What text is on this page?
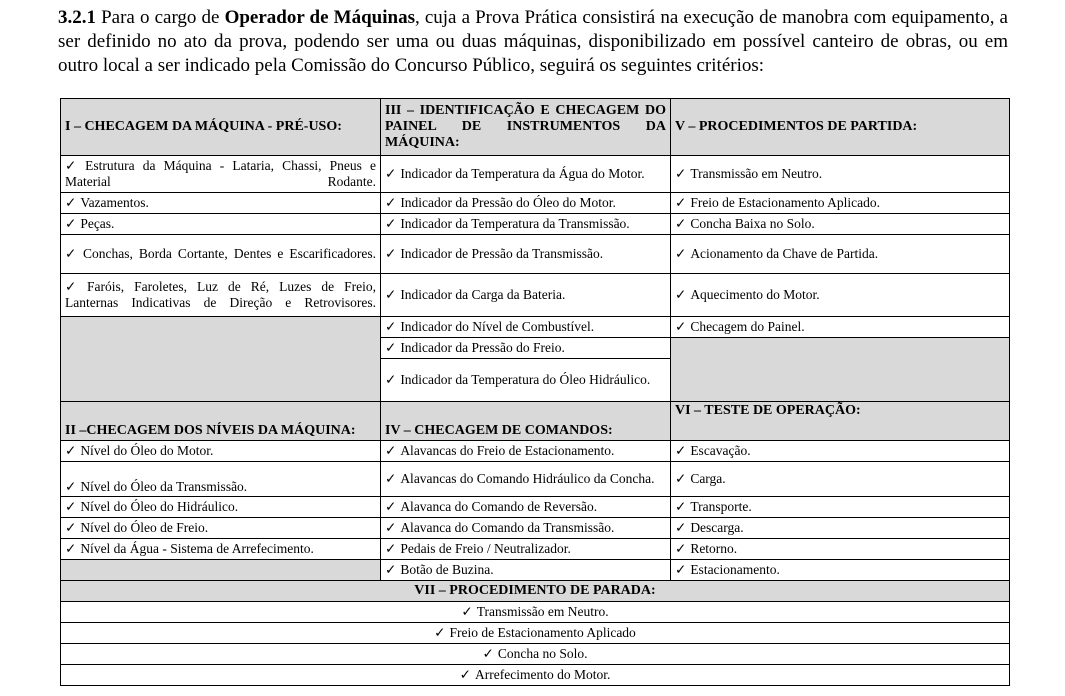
3.2.1 Para o cargo de Operador de Máquinas, cuja a Prova Prática consistirá na execução de manobra com equipamento, a ser definido no ato da prova, podendo ser uma ou duas máquinas, disponibilizado em possível canteiro de obras, ou em outro local a ser indicado pela Comissão do Concurso Público, seguirá os seguintes critérios:
I – CHECAGEM DA MÁQUINA - PRÉ-USO:	III – IDENTIFICAÇÃO E CHECAGEM DO PAINEL DE INSTRUMENTOS DA MÁQUINA:	V – PROCEDIMENTOS DE PARTIDA:
✓ Estrutura da Máquina - Lataria, Chassi, Pneus e Material Rodante.	✓ Indicador da Temperatura da Água do Motor.	✓ Transmissão em Neutro.
✓ Vazamentos.	✓ Indicador da Pressão do Óleo do Motor.	✓ Freio de Estacionamento Aplicado.
✓ Peças.	✓ Indicador da Temperatura da Transmissão.	✓ Concha Baixa no Solo.
✓ Conchas, Borda Cortante, Dentes e Escarificadores.	✓ Indicador de Pressão da Transmissão.	✓ Acionamento da Chave de Partida.
✓ Faróis, Faroletes, Luz de Ré, Luzes de Freio, Lanternas Indicativas de Direção e Retrovisores.	✓ Indicador da Carga da Bateria.	✓ Aquecimento do Motor.
	✓ Indicador do Nível de Combustível.	✓ Checagem do Painel.
	✓ Indicador da Pressão do Freio.	
	✓ Indicador da Temperatura do Óleo Hidráulico.	
II –CHECAGEM DOS NÍVEIS DA MÁQUINA:	IV – CHECAGEM DE COMANDOS:	VI – TESTE DE OPERAÇÃO:
✓ Nível do Óleo do Motor.	✓ Alavancas do Freio de Estacionamento.	✓ Escavação.
✓ Nível do Óleo da Transmissão.	✓ Alavancas do Comando Hidráulico da Concha.	✓ Carga.
✓ Nível do Óleo do Hidráulico.	✓ Alavanca do Comando de Reversão.	✓ Transporte.
✓ Nível do Óleo de Freio.	✓ Alavanca do Comando da Transmissão.	✓ Descarga.
✓ Nível da Água - Sistema de Arrefecimento.	✓ Pedais de Freio / Neutralizador.	✓ Retorno.
	✓ Botão de Buzina.	✓ Estacionamento.
VII – PROCEDIMENTO DE PARADA:		
✓ Transmissão em Neutro.		
✓ Freio de Estacionamento Aplicado		
✓ Concha no Solo.		
✓ Arrefecimento do Motor.		
